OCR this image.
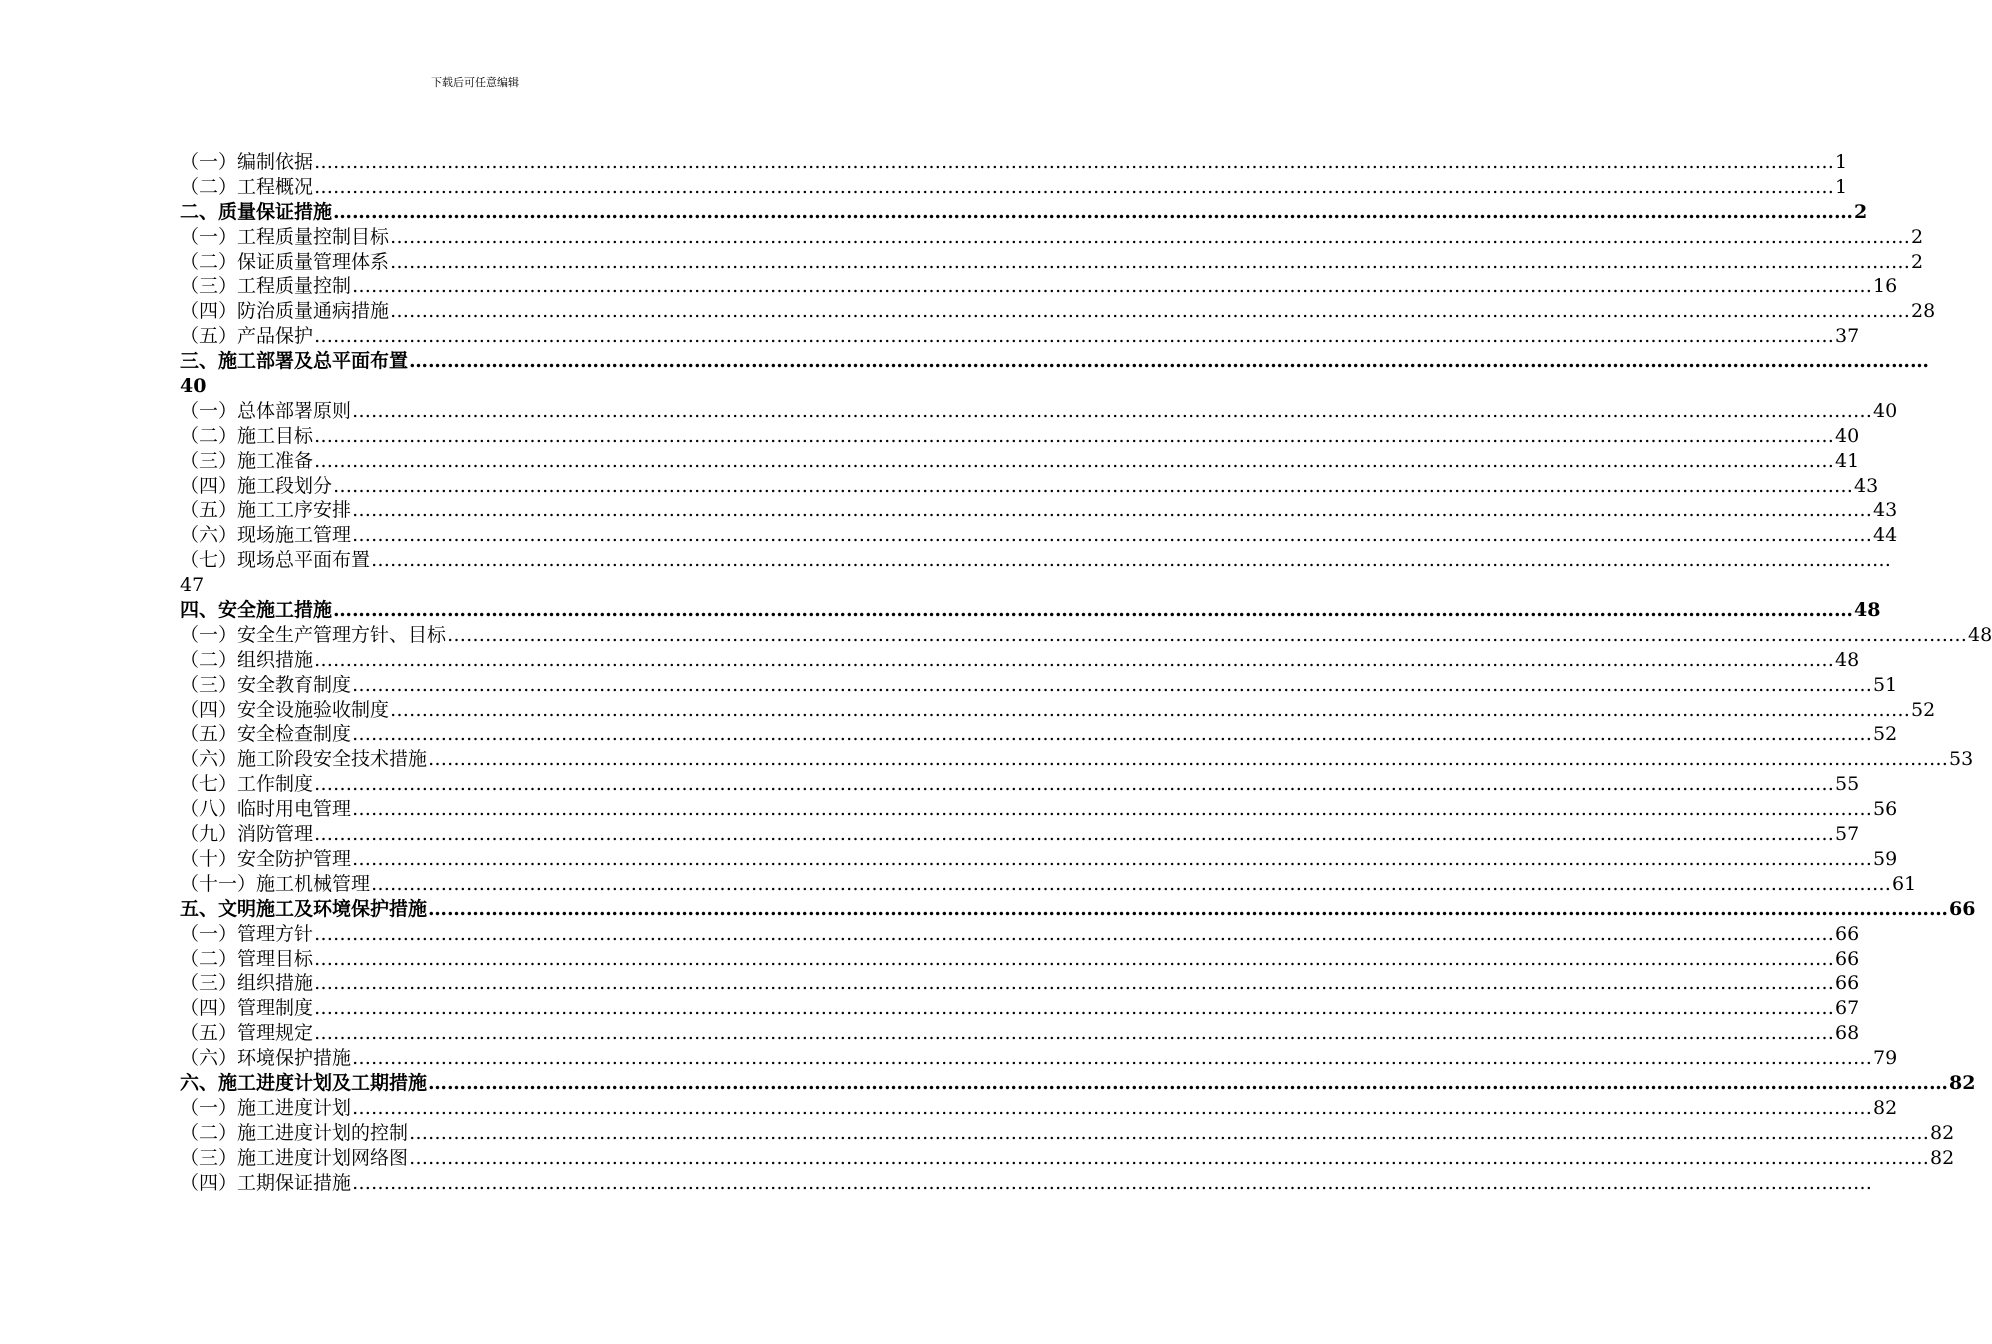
下载后可任意编辑
（一）编制依据 …………………………………………………………………………………………………………………………………………………………………………………………………………………… 1
（二）工程概况 …………………………………………………………………………………………………………………………………………………………………………………………………………………… 1
二、质量保证措施 …………………………………………………………………………………………………………………………………………………………………………………………………………………… 2
（一）工程质量控制目标 …………………………………………………………………………………………………………………………………………………………………………………………………………………… 2
（二）保证质量管理体系 …………………………………………………………………………………………………………………………………………………………………………………………………………………… 2
（三）工程质量控制 …………………………………………………………………………………………………………………………………………………………………………………………………………………… 16
（四）防治质量通病措施 …………………………………………………………………………………………………………………………………………………………………………………………………………………… 28
（五）产品保护 …………………………………………………………………………………………………………………………………………………………………………………………………………………… 37
三、施工部署及总平面布置 ……………………………………………………………………………………………………………………………………………………………………………………………………………………
40
（一）总体部署原则 …………………………………………………………………………………………………………………………………………………………………………………………………………………… 40
（二）施工目标 …………………………………………………………………………………………………………………………………………………………………………………………………………………… 40
（三）施工准备 …………………………………………………………………………………………………………………………………………………………………………………………………………………… 41
（四）施工段划分 …………………………………………………………………………………………………………………………………………………………………………………………………………………… 43
（五）施工工序安排 …………………………………………………………………………………………………………………………………………………………………………………………………………………… 43
（六）现场施工管理 …………………………………………………………………………………………………………………………………………………………………………………………………………………… 44
（七）现场总平面布置 ……………………………………………………………………………………………………………………………………………………………………………………………………………………
47
四、安全施工措施 …………………………………………………………………………………………………………………………………………………………………………………………………………………… 48
（一）安全生产管理方针、目标 …………………………………………………………………………………………………………………………………………………………………………………………………………………… 48
（二）组织措施 …………………………………………………………………………………………………………………………………………………………………………………………………………………… 48
（三）安全教育制度 …………………………………………………………………………………………………………………………………………………………………………………………………………………… 51
（四）安全设施验收制度 …………………………………………………………………………………………………………………………………………………………………………………………………………………… 52
（五）安全检查制度 …………………………………………………………………………………………………………………………………………………………………………………………………………………… 52
（六）施工阶段安全技术措施 …………………………………………………………………………………………………………………………………………………………………………………………………………………… 53
（七）工作制度 …………………………………………………………………………………………………………………………………………………………………………………………………………………… 55
（八）临时用电管理 …………………………………………………………………………………………………………………………………………………………………………………………………………………… 56
（九）消防管理 …………………………………………………………………………………………………………………………………………………………………………………………………………………… 57
（十）安全防护管理 …………………………………………………………………………………………………………………………………………………………………………………………………………………… 59
（十一）施工机械管理 …………………………………………………………………………………………………………………………………………………………………………………………………………………… 61
五、文明施工及环境保护措施 …………………………………………………………………………………………………………………………………………………………………………………………………………………… 66
（一）管理方针 …………………………………………………………………………………………………………………………………………………………………………………………………………………… 66
（二）管理目标 …………………………………………………………………………………………………………………………………………………………………………………………………………………… 66
（三）组织措施 …………………………………………………………………………………………………………………………………………………………………………………………………………………… 66
（四）管理制度 …………………………………………………………………………………………………………………………………………………………………………………………………………………… 67
（五）管理规定 …………………………………………………………………………………………………………………………………………………………………………………………………………………… 68
（六）环境保护措施 …………………………………………………………………………………………………………………………………………………………………………………………………………………… 79
六、施工进度计划及工期措施 …………………………………………………………………………………………………………………………………………………………………………………………………………………… 82
（一）施工进度计划 …………………………………………………………………………………………………………………………………………………………………………………………………………………… 82
（二）施工进度计划的控制 …………………………………………………………………………………………………………………………………………………………………………………………………………………… 82
（三）施工进度计划网络图 …………………………………………………………………………………………………………………………………………………………………………………………………………………… 82
（四）工期保证措施 ……………………………………………………………………………………………………………………………………………………………………………………………………………………
